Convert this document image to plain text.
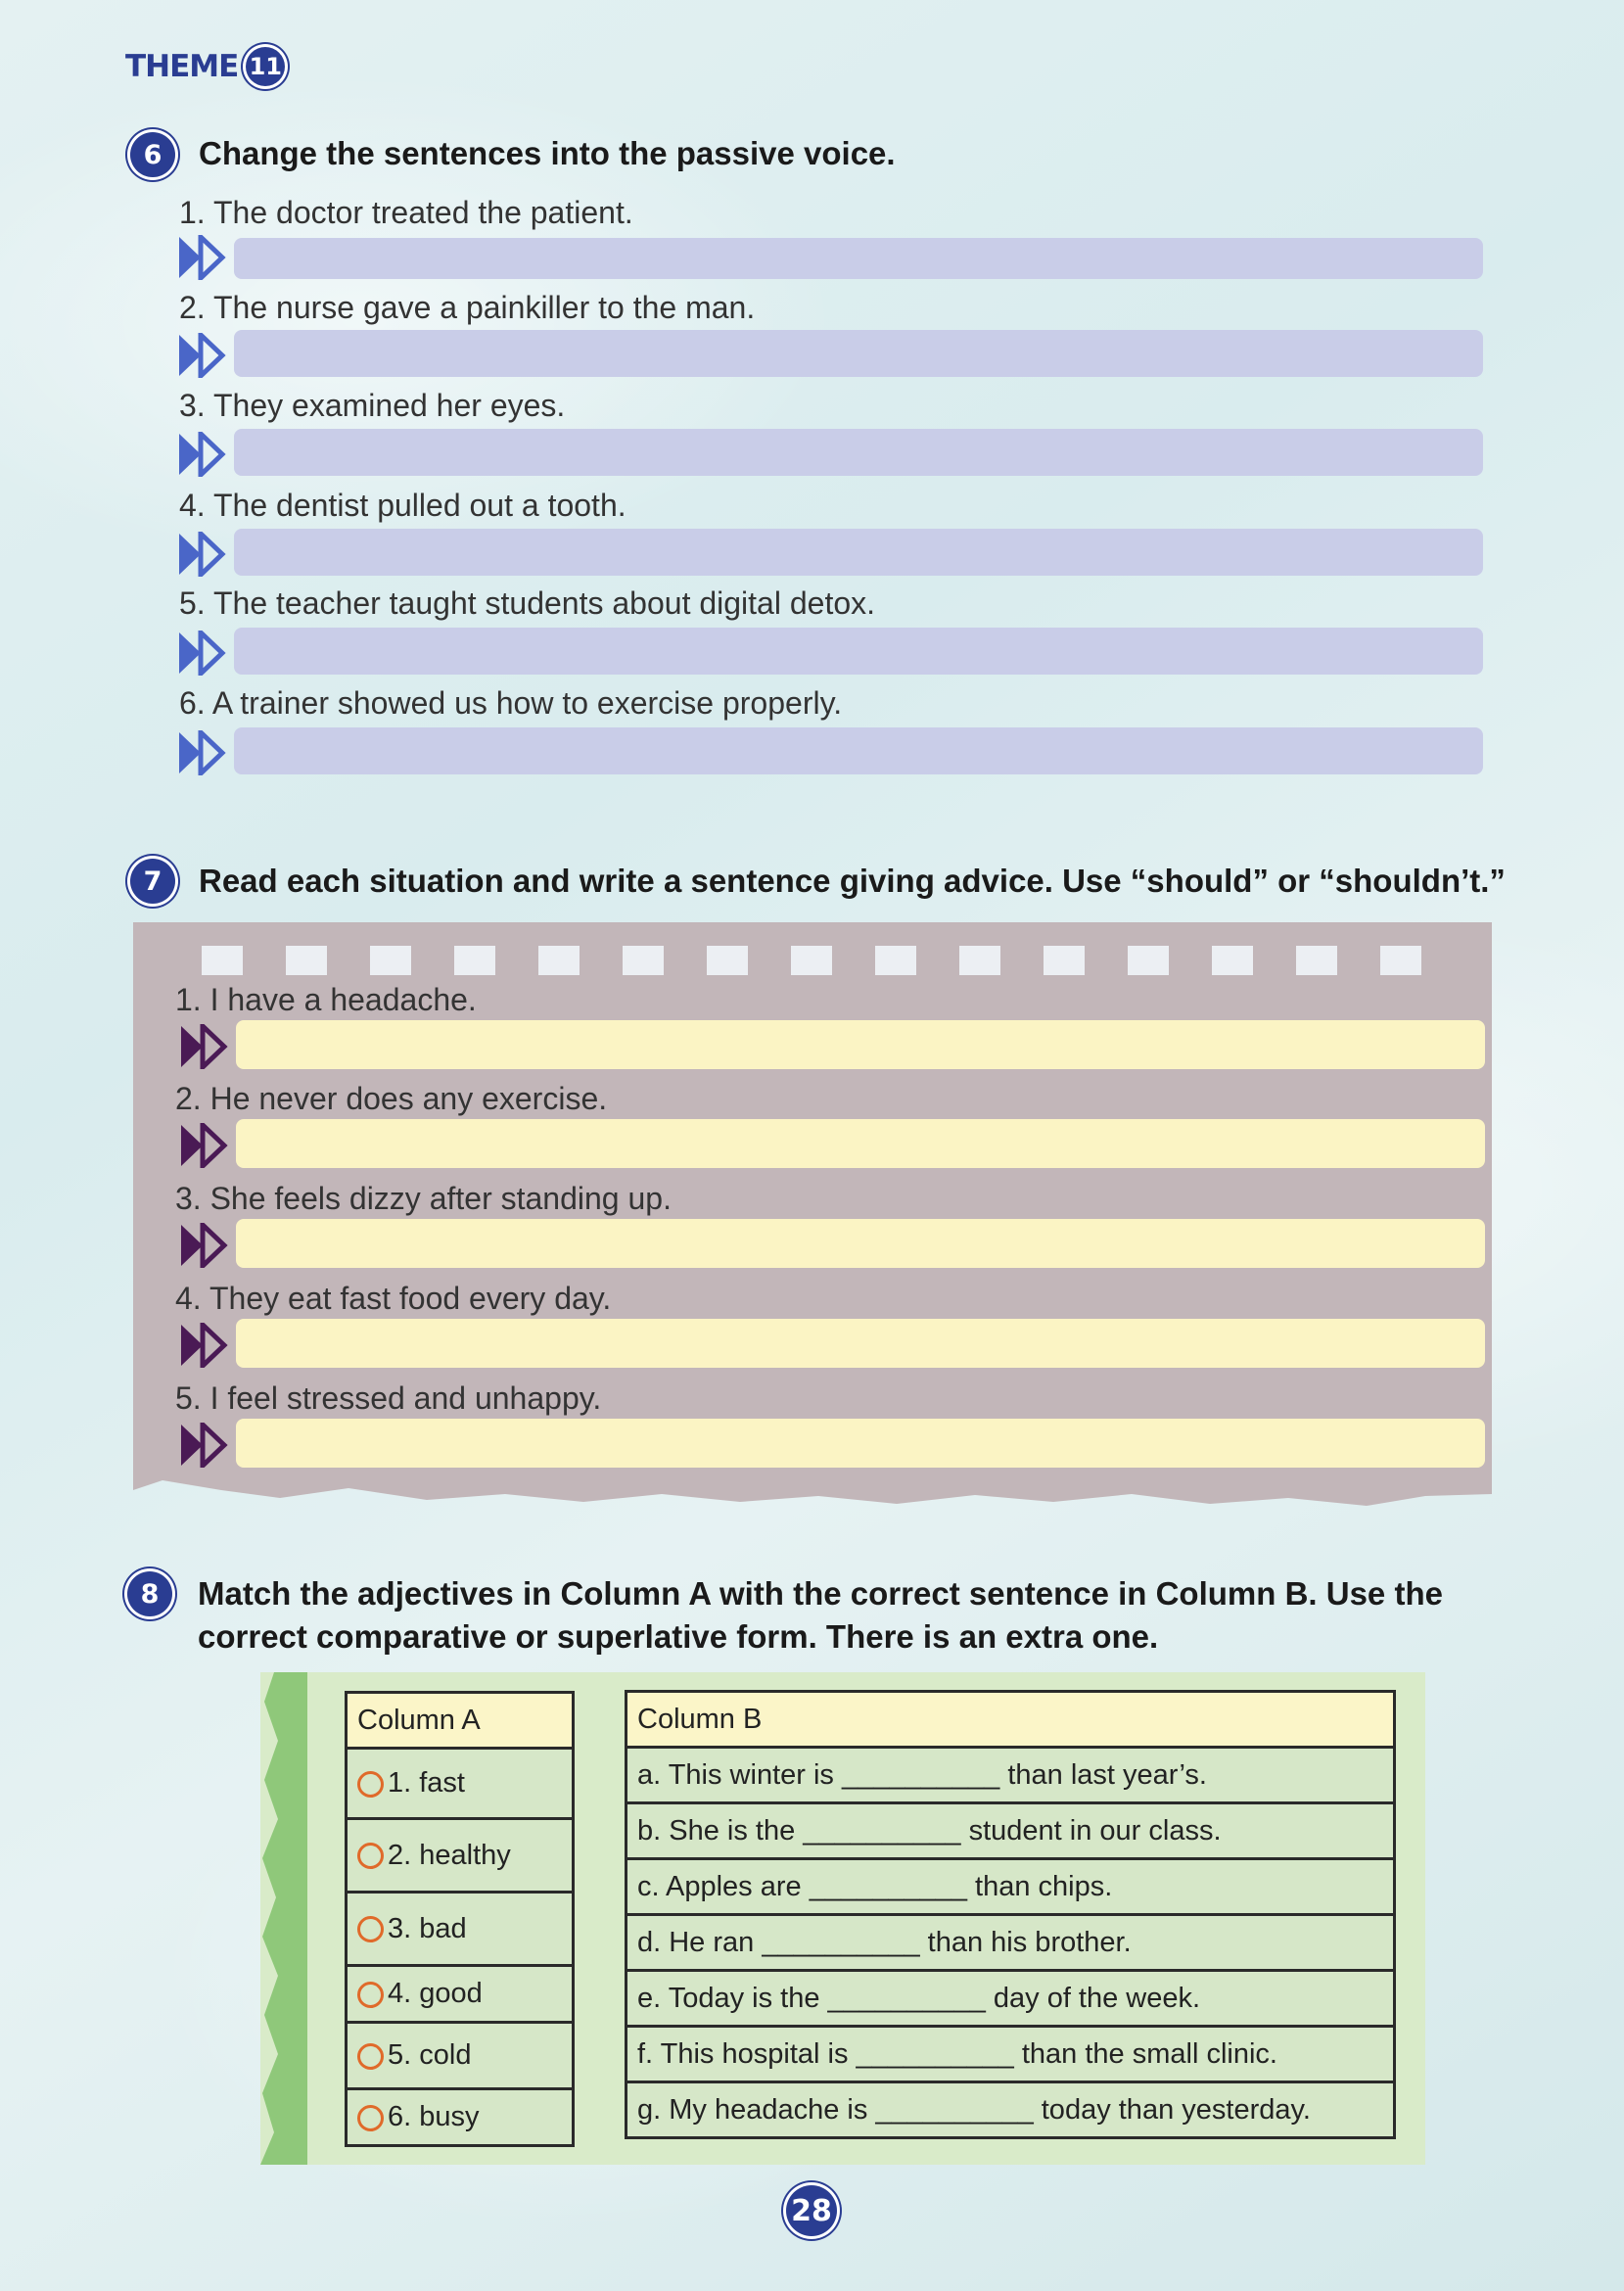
THEME 11
6	Change the sentences into the passive voice.
1. The doctor treated the patient.
2. The nurse gave a painkiller to the man.
3. They examined her eyes.
4. The dentist pulled out a tooth.
5. The teacher taught students about digital detox.
6. A trainer showed us how to exercise properly.
7	Read each situation and write a sentence giving advice. Use “should” or “shouldn’t.”
1. I have a headache.
2. He never does any exercise.
3. She feels dizzy after standing up.
4. They eat fast food every day.
5. I feel stressed and unhappy.
8	Match the adjectives in Column A with the correct sentence in Column B. Use the
correct comparative or superlative form. There is an extra one.
Column A
1. fast
2. healthy
3. bad
4. good
5. cold
6. busy
Column B
a. This winter is __________ than last year’s.
b. She is the __________ student in our class.
c. Apples are __________ than chips.
d. He ran __________ than his brother.
e. Today is the __________ day of the week.
f. This hospital is __________ than the small clinic.
g. My headache is __________ today than yesterday.
28
